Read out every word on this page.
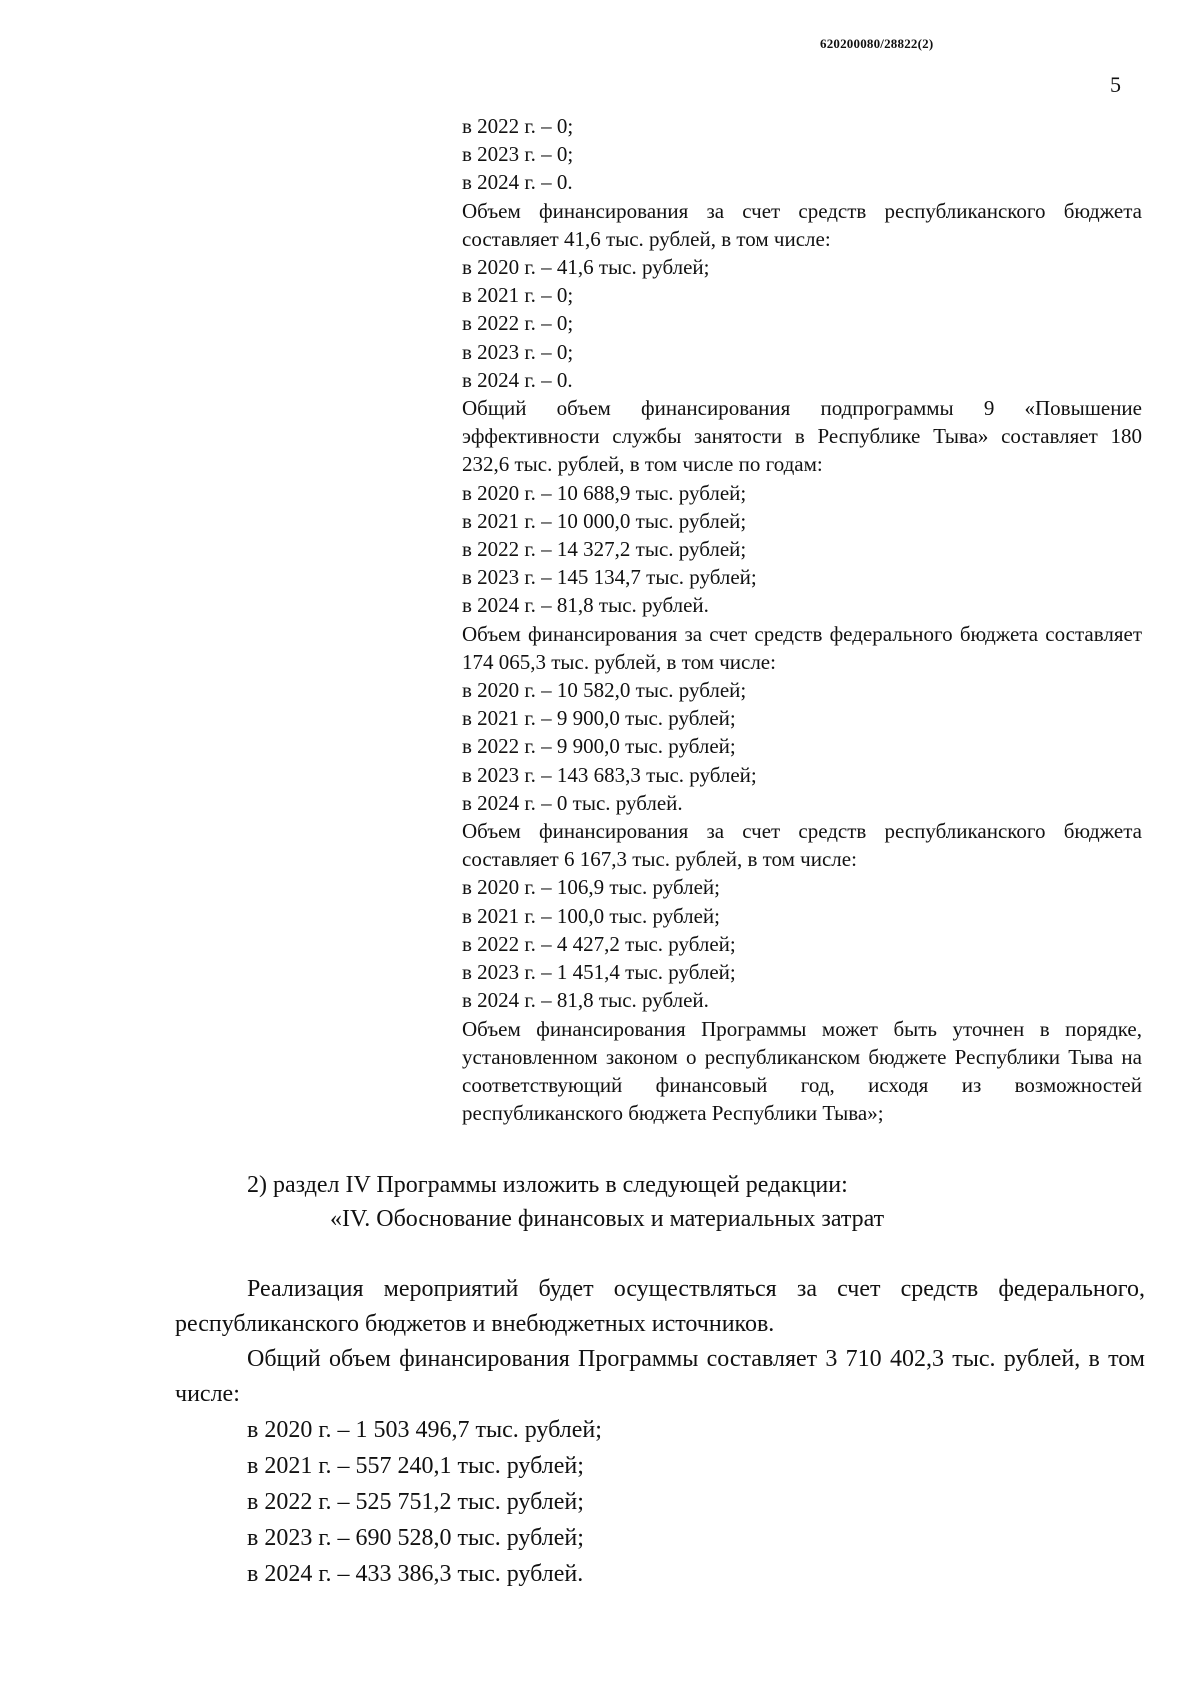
620200080/28822(2)
5
в 2022 г. – 0;
в 2023 г. – 0;
в 2024 г. – 0.
Объем финансирования за счет средств республиканского бюджета составляет 41,6 тыс. рублей, в том числе:
в 2020 г. – 41,6 тыс. рублей;
в 2021 г. – 0;
в 2022 г. – 0;
в 2023 г. – 0;
в 2024 г. – 0.
Общий объем финансирования подпрограммы 9 «Повышение эффективности службы занятости в Республике Тыва» составляет 180 232,6 тыс. рублей, в том числе по годам:
в 2020 г. – 10 688,9 тыс. рублей;
в 2021 г. – 10 000,0 тыс. рублей;
в 2022 г. – 14 327,2 тыс. рублей;
в 2023 г. – 145 134,7 тыс. рублей;
в 2024 г. – 81,8 тыс. рублей.
Объем финансирования за счет средств федерального бюджета составляет 174 065,3 тыс. рублей, в том числе:
в 2020 г. – 10 582,0 тыс. рублей;
в 2021 г. – 9 900,0 тыс. рублей;
в 2022 г. – 9 900,0 тыс. рублей;
в 2023 г. – 143 683,3 тыс. рублей;
в 2024 г. – 0 тыс. рублей.
Объем финансирования за счет средств республиканского бюджета составляет 6 167,3 тыс. рублей, в том числе:
в 2020 г. – 106,9 тыс. рублей;
в 2021 г. – 100,0 тыс. рублей;
в 2022 г. – 4 427,2 тыс. рублей;
в 2023 г. – 1 451,4 тыс. рублей;
в 2024 г. – 81,8 тыс. рублей.
Объем финансирования Программы может быть уточнен в порядке, установленном законом о республиканском бюджете Республики Тыва на соответствующий финансовый год, исходя из возможностей республиканского бюджета Республики Тыва»;
2) раздел IV Программы изложить в следующей редакции:
«IV. Обоснование финансовых и материальных затрат
Реализация мероприятий будет осуществляться за счет средств федерального, республиканского бюджетов и внебюджетных источников.
Общий объем финансирования Программы составляет 3 710 402,3 тыс. рублей, в том числе:
в 2020 г. – 1 503 496,7 тыс. рублей;
в 2021 г. – 557 240,1 тыс. рублей;
в 2022 г. – 525 751,2 тыс. рублей;
в 2023 г. – 690 528,0 тыс. рублей;
в 2024 г. – 433 386,3 тыс. рублей.
